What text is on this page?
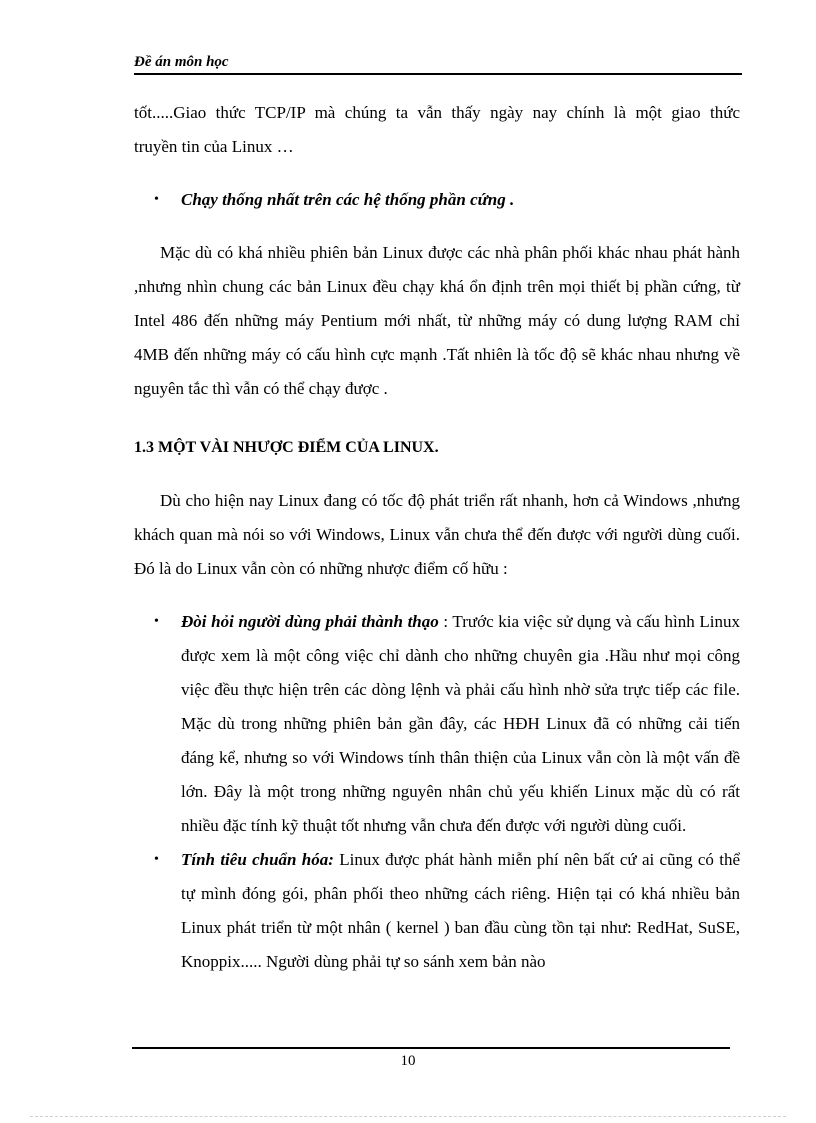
Đề án môn học
tốt.....Giao thức TCP/IP mà chúng ta vẫn thấy ngày nay chính là một giao thức
truyền tin của Linux …
• Chạy thống nhất trên các hệ thống phần cứng .

Mặc dù có khá nhiều phiên bản Linux được các nhà phân phối khác nhau phát hành ,nhưng nhìn chung các bản Linux đều chạy khá ổn định trên mọi thiết bị phần cứng, từ Intel 486 đến những máy Pentium mới nhất, từ những máy có dung lượng RAM chỉ 4MB đến những máy có cấu hình cực mạnh .Tất nhiên là tốc độ sẽ khác nhau nhưng về nguyên tắc thì vẫn có thể chạy được .

1.3 MỘT VÀI NHƯỢC ĐIỂM CỦA LINUX.

Dù cho hiện nay Linux đang có tốc độ phát triển rất nhanh, hơn cả Windows ,nhưng khách quan mà nói so với Windows, Linux vẫn chưa thể đến được với người dùng cuối. Đó là do Linux vẫn còn có những nhược điểm cố hữu :

• Đòi hỏi người dùng phải thành thạo : Trước kia việc sử dụng và cấu hình Linux được xem là một công việc chỉ dành cho những chuyên gia .Hầu như mọi công việc đều thực hiện trên các dòng lệnh và phải cấu hình nhờ sửa trực tiếp các file. Mặc dù trong những phiên bản gần đây, các HĐH Linux đã có những cải tiến đáng kể, nhưng so với Windows tính thân thiện của Linux vẫn còn là một vấn đề lớn. Đây là một trong những nguyên nhân chủ yếu khiến Linux mặc dù có rất nhiều đặc tính kỹ thuật tốt nhưng vẫn chưa đến được với người dùng cuối.
• Tính tiêu chuẩn hóa: Linux được phát hành miễn phí nên bất cứ ai cũng có thể tự mình đóng gói, phân phối theo những cách riêng. Hiện tại có khá nhiều bản Linux phát triển từ một nhân ( kernel ) ban đầu cùng tồn tại như: RedHat, SuSE, Knoppix..... Người dùng phải tự so sánh xem bản nào
10
